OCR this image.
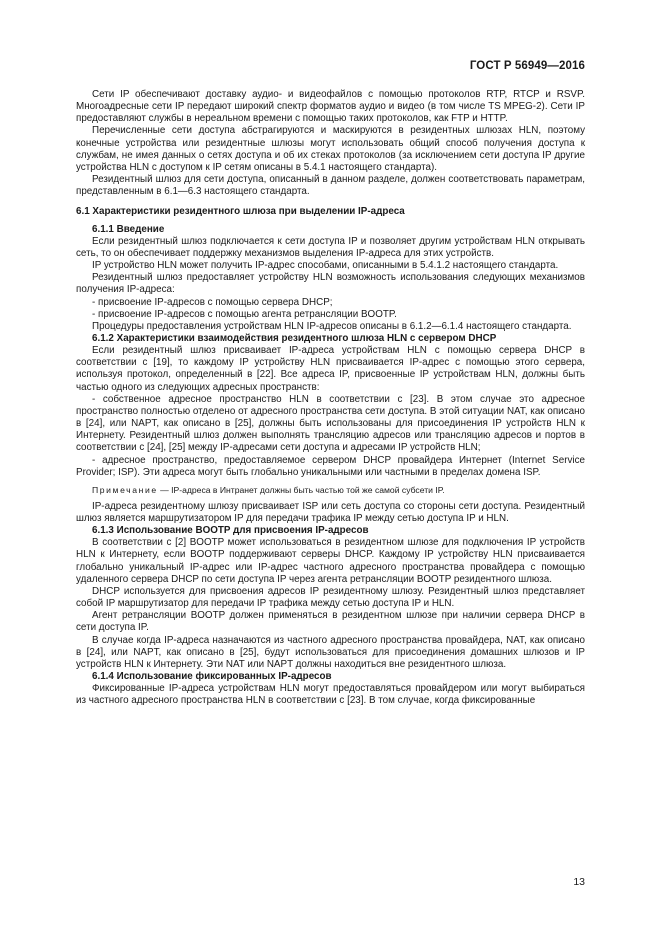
ГОСТ Р 56949—2016

Сети IP обеспечивают доставку аудио- и видеофайлов с помощью протоколов RTP, RTCP и RSVP. Многоадресные сети IP передают широкий спектр форматов аудио и видео (в том числе TS MPEG-2). Сети IP предоставляют службы в нереальном времени с помощью таких протоколов, как FTP и HTTP.

Перечисленные сети доступа абстрагируются и маскируются в резидентных шлюзах HLN, поэтому конечные устройства или резидентные шлюзы могут использовать общий способ получения доступа к службам, не имея данных о сетях доступа и об их стеках протоколов (за исключением сети доступа IP другие устройства HLN с доступом к IP сетям описаны в 5.4.1 настоящего стандарта).

Резидентный шлюз для сети доступа, описанный в данном разделе, должен соответствовать параметрам, представленным в 6.1—6.3 настоящего стандарта.

6.1 Характеристики резидентного шлюза при выделении IP-адреса

6.1.1 Введение

Если резидентный шлюз подключается к сети доступа IP и позволяет другим устройствам HLN открывать сеть, то он обеспечивает поддержку механизмов выделения IP-адреса для этих устройств.

IP устройство HLN может получить IP-адрес способами, описанными в 5.4.1.2 настоящего стандарта.

Резидентный шлюз предоставляет устройству HLN возможность использования следующих механизмов получения IP-адреса:

- присвоение IP-адресов с помощью сервера DHCP;

- присвоение IP-адресов с помощью агента ретрансляции BOOTP.

Процедуры предоставления устройствам HLN IP-адресов описаны в 6.1.2—6.1.4 настоящего стандарта.

6.1.2 Характеристики взаимодействия резидентного шлюза HLN с сервером DHCP

Если резидентный шлюз присваивает IP-адреса устройствам HLN с помощью сервера DHCP в соответствии с [19], то каждому IP устройству HLN присваивается IP-адрес с помощью этого сервера, используя протокол, определенный в [22]. Все адреса IP, присвоенные IP устройствам HLN, должны быть частью одного из следующих адресных пространств:

- собственное адресное пространство HLN в соответствии с [23]. В этом случае это адресное пространство полностью отделено от адресного пространства сети доступа. В этой ситуации NAT, как описано в [24], или NAPT, как описано в [25], должны быть использованы для присоединения IP устройств HLN к Интернету. Резидентный шлюз должен выполнять трансляцию адресов или трансляцию адресов и портов в соответствии с [24], [25] между IP-адресами сети доступа и адресами IP устройств HLN;

- адресное пространство, предоставляемое сервером DHCP провайдера Интернет (Internet Service Provider; ISP). Эти адреса могут быть глобально уникальными или частными в пределах домена ISP.

Примечание — IP-адреса в Интранет должны быть частью той же самой субсети IP.

IP-адреса резидентному шлюзу присваивает ISP или сеть доступа со стороны сети доступа. Резидентный шлюз является маршрутизатором IP для передачи трафика IP между сетью доступа IP и HLN.

6.1.3 Использование BOOTP для присвоения IP-адресов

В соответствии с [2] BOOTP может использоваться в резидентном шлюзе для подключения IP устройств HLN к Интернету, если BOOTP поддерживают серверы DHCP. Каждому IP устройству HLN присваивается глобально уникальный IP-адрес или IP-адрес частного адресного пространства провайдера с помощью удаленного сервера DHCP по сети доступа IP через агента ретрансляции BOOTP резидентного шлюза.

DHCP используется для присвоения адресов IP резидентному шлюзу. Резидентный шлюз представляет собой IP маршрутизатор для передачи IP трафика между сетью доступа IP и HLN.

Агент ретрансляции BOOTP должен применяться в резидентном шлюзе при наличии сервера DHCP в сети доступа IP.

В случае когда IP-адреса назначаются из частного адресного пространства провайдера, NAT, как описано в [24], или NAPT, как описано в [25], будут использоваться для присоединения домашних шлюзов и IP устройств HLN к Интернету. Эти NAT или NAPT должны находиться вне резидентного шлюза.

6.1.4 Использование фиксированных IP-адресов

Фиксированные IP-адреса устройствам HLN могут предоставляться провайдером или могут выбираться из частного адресного пространства HLN в соответствии с [23]. В том случае, когда фиксированные

13
